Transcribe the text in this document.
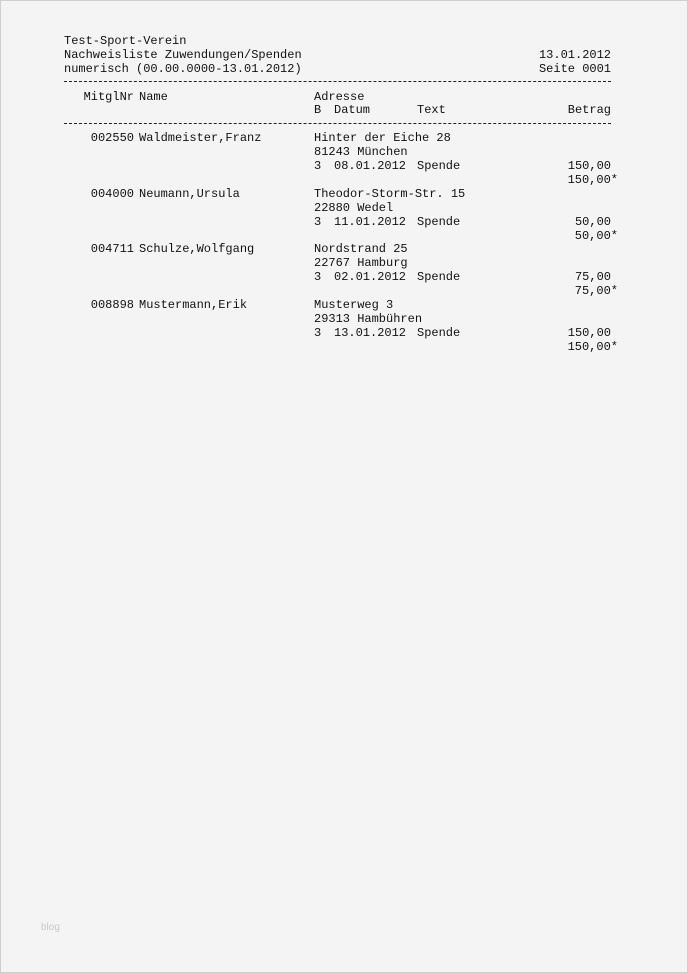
Test-Sport-Verein
Nachweisliste Zuwendungen/Spenden
numerisch (00.00.0000-13.01.2012)
13.01.2012
Seite 0001
MitglNr Name	Adresse
B Datum	Text	Betrag
002550 Waldmeister,Franz	Hinter der Eiche 28
81243 München
3 08.01.2012 Spende	150,00
150,00*
004000 Neumann,Ursula	Theodor-Storm-Str. 15
22880 Wedel
3 11.01.2012 Spende	50,00
50,00*
004711 Schulze,Wolfgang	Nordstrand 25
22767 Hamburg
3 02.01.2012 Spende	75,00
75,00*
008898 Mustermann,Erik	Musterweg 3
29313 Hambühren
3 13.01.2012 Spende	150,00
150,00*
blog
